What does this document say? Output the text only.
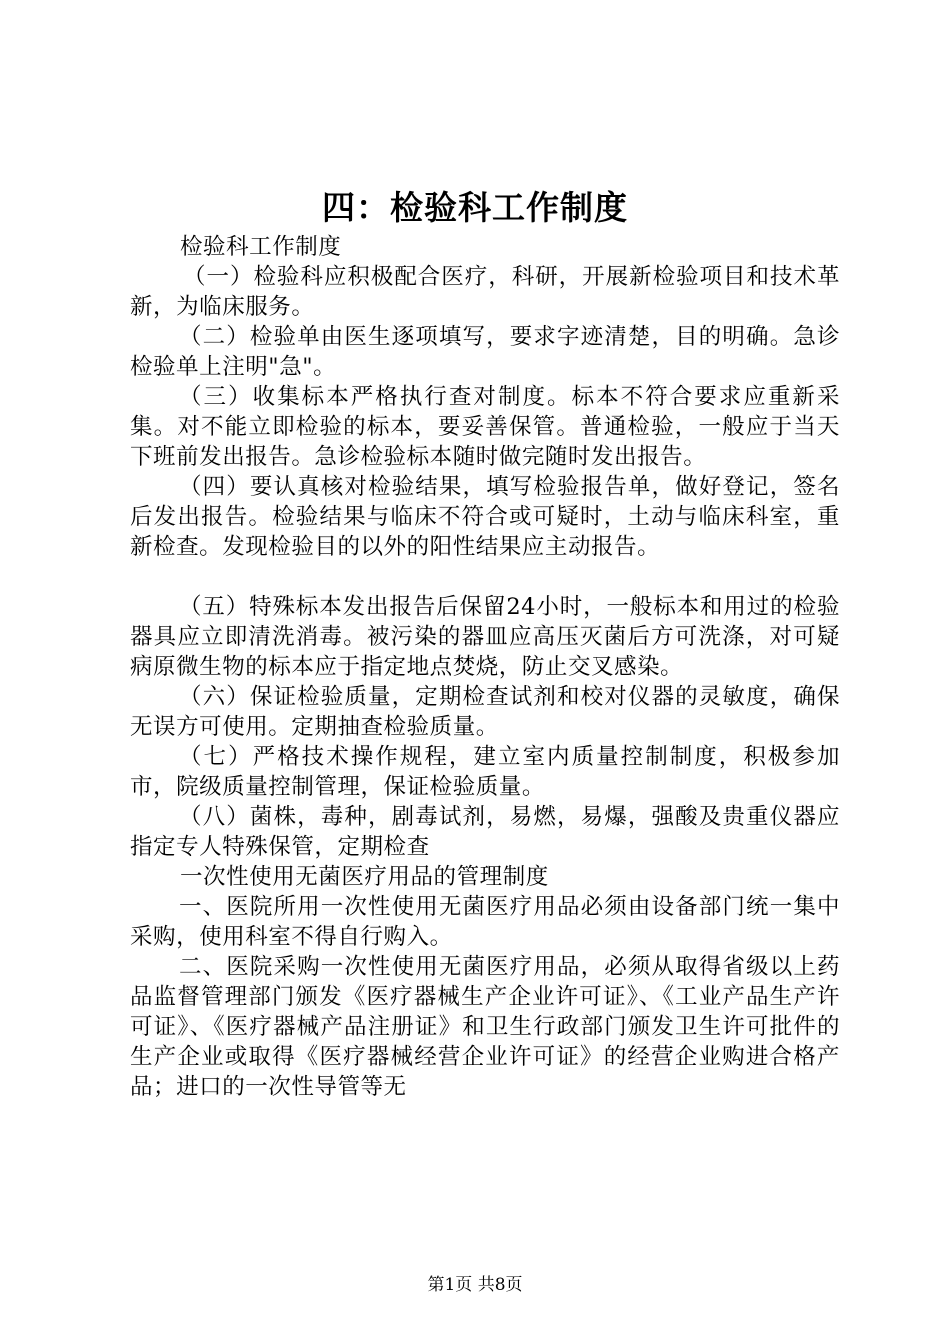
四：检验科工作制度

检验科工作制度

（一）检验科应积极配合医疗，科研，开展新检验项目和技术革新，为临床服务。

（二）检验单由医生逐项填写，要求字迹清楚，目的明确。急诊检验单上注明"急"。

（三）收集标本严格执行查对制度。标本不符合要求应重新采集。对不能立即检验的标本，要妥善保管。普通检验，一般应于当天下班前发出报告。急诊检验标本随时做完随时发出报告。

（四）要认真核对检验结果，填写检验报告单，做好登记，签名后发出报告。检验结果与临床不符合或可疑时，土动与临床科室，重新检查。发现检验目的以外的阳性结果应主动报告。

（五）特殊标本发出报告后保留24小时，一般标本和用过的检验器具应立即清洗消毒。被污染的器皿应高压灭菌后方可洗涤，对可疑病原微生物的标本应于指定地点焚烧，防止交叉感染。

（六）保证检验质量，定期检查试剂和校对仪器的灵敏度，确保无误方可使用。定期抽查检验质量。

（七）严格技术操作规程，建立室内质量控制制度，积极参加市，院级质量控制管理，保证检验质量。

（八）菌株，毒种，剧毒试剂，易燃，易爆，强酸及贵重仪器应指定专人特殊保管，定期检查

一次性使用无菌医疗用品的管理制度

一、医院所用一次性使用无菌医疗用品必须由设备部门统一集中采购，使用科室不得自行购入。

二、医院采购一次性使用无菌医疗用品，必须从取得省级以上药品监督管理部门颁发《医疗器械生产企业许可证》、《工业产品生产许可证》、《医疗器械产品注册证》和卫生行政部门颁发卫生许可批件的生产企业或取得《医疗器械经营企业许可证》的经营企业购进合格产品；进口的一次性导管等无

第1页 共8页
